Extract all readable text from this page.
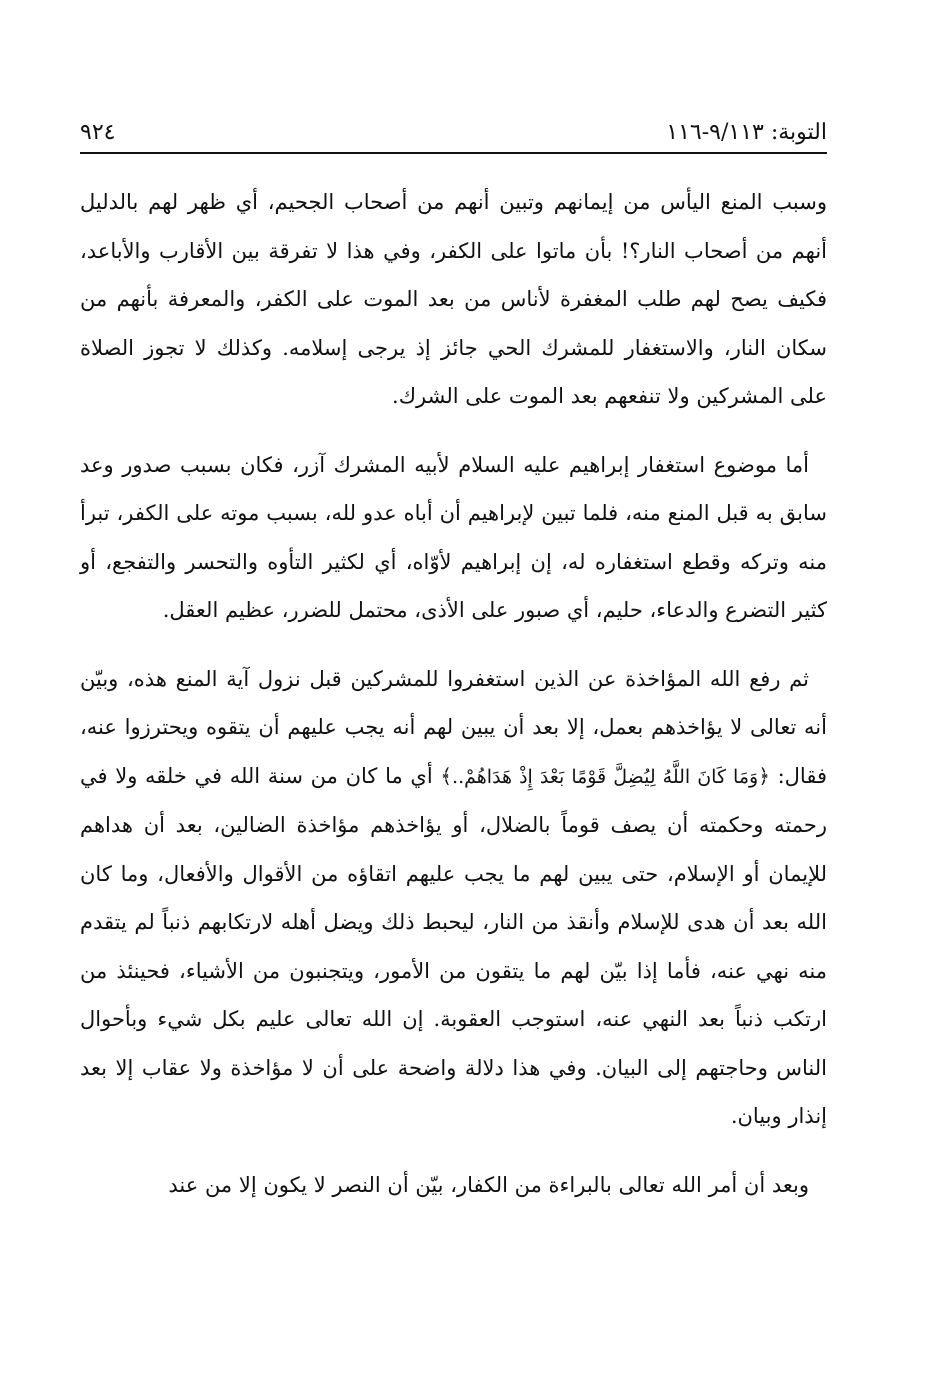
التوبة: ٩/١١٣-١١٦
٩٢٤

وسبب المنع اليأس من إيمانهم وتبين أنهم من أصحاب الجحيم، أي ظهر لهم بالدليل أنهم من أصحاب النار؟! بأن ماتوا على الكفر، وفي هذا لا تفرقة بين الأقارب والأباعد، فكيف يصح لهم طلب المغفرة لأناس من بعد الموت على الكفر، والمعرفة بأنهم من سكان النار، والاستغفار للمشرك الحي جائز إذ يرجى إسلامه. وكذلك لا تجوز الصلاة على المشركين ولا تنفعهم بعد الموت على الشرك.

أما موضوع استغفار إبراهيم عليه السلام لأبيه المشرك آزر، فكان بسبب صدور وعد سابق به قبل المنع منه، فلما تبين لإبراهيم أن أباه عدو لله، بسبب موته على الكفر، تبرأ منه وتركه وقطع استغفاره له، إن إبراهيم لأوّاه، أي لكثير التأوه والتحسر والتفجع، أو كثير التضرع والدعاء، حليم، أي صبور على الأذى، محتمل للضرر، عظيم العقل.

ثم رفع الله المؤاخذة عن الذين استغفروا للمشركين قبل نزول آية المنع هذه، وبيّن أنه تعالى لا يؤاخذهم بعمل، إلا بعد أن يبين لهم أنه يجب عليهم أن يتقوه ويحترزوا عنه، فقال: ﴿وَمَا كَانَ اللَّهُ لِيُضِلَّ قَوْمًا بَعْدَ إِذْ هَدَاهُمْ..﴾ أي ما كان من سنة الله في خلقه ولا في رحمته وحكمته أن يصف قوماً بالضلال، أو يؤاخذهم مؤاخذة الضالين، بعد أن هداهم للإيمان أو الإسلام، حتى يبين لهم ما يجب عليهم اتقاؤه من الأقوال والأفعال، وما كان الله بعد أن هدى للإسلام وأنقذ من النار، ليحبط ذلك ويضل أهله لارتكابهم ذنباً لم يتقدم منه نهي عنه، فأما إذا بيّن لهم ما يتقون من الأمور، ويتجنبون من الأشياء، فحينئذ من ارتكب ذنباً بعد النهي عنه، استوجب العقوبة. إن الله تعالى عليم بكل شيء وبأحوال الناس وحاجتهم إلى البيان. وفي هذا دلالة واضحة على أن لا مؤاخذة ولا عقاب إلا بعد إنذار وبيان.

وبعد أن أمر الله تعالى بالبراءة من الكفار، بيّن أن النصر لا يكون إلا من عند
